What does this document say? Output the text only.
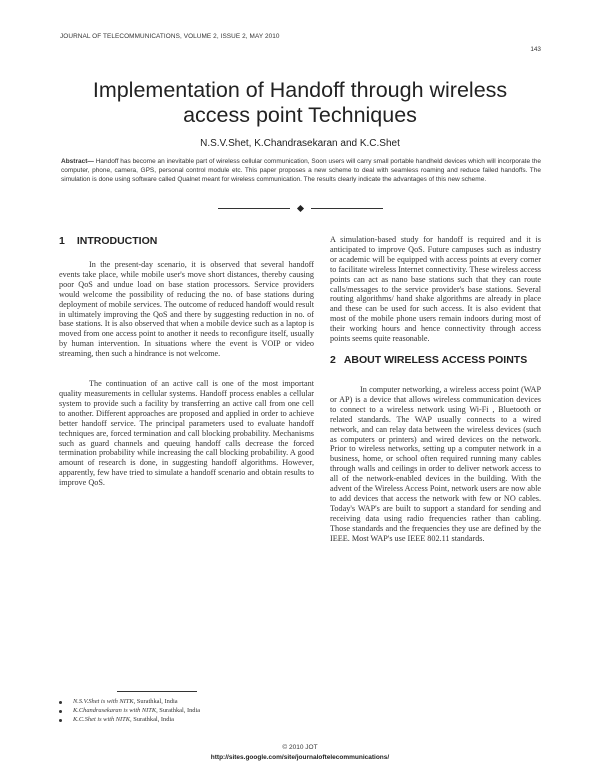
JOURNAL OF TELECOMMUNICATIONS, VOLUME 2, ISSUE 2, MAY 2010
143
Implementation of Handoff through wireless
access point Techniques
N.S.V.Shet, K.Chandrasekaran and K.C.Shet
Abstract— Handoff has become an inevitable part of wireless cellular communication, Soon users will carry small portable handheld devices which will incorporate the computer, phone, camera, GPS, personal control module etc. This paper proposes a new scheme to deal with seamless roaming and reduce failed handoffs. The simulation is done using software called Qualnet meant for wireless communication. The results clearly indicate the advantages of this new scheme.
1 INTRODUCTION

In the present-day scenario, it is observed that several handoff events take place, while mobile user's move short distances, thereby causing poor QoS and undue load on base station processors. Service providers would welcome the possibility of reducing the no. of base stations during deployment of mobile services. The outcome of reduced handoff would result in ultimately improving the QoS and there by suggesting reduction in no. of base stations. It is also observed that when a mobile device such as a laptop is moved from one access point to another it needs to reconfigure itself, usually by human intervention. In situations where the event is VOIP or video streaming, then such a hindrance is not welcome.

The continuation of an active call is one of the most important quality measurements in cellular systems. Handoff process enables a cellular system to provide such a facility by transferring an active call from one cell to another. Different approaches are proposed and applied in order to achieve better handoff service. The principal parameters used to evaluate handoff techniques are, forced termination and call blocking probability. Mechanisms such as guard channels and queuing handoff calls decrease the forced termination probability while increasing the call blocking probability. A good amount of research is done, in suggesting handoff algorithms. However, apparently, few have tried to simulate a handoff scenario and obtain results to improve QoS.

A simulation-based study for handoff is required and it is anticipated to improve QoS. Future campuses such as industry or academic will be equipped with access points at every corner to facilitate wireless Internet connectivity. These wireless access points can act as nano base stations such that they can route calls/messages to the service provider's base stations. Several routing algorithms/ hand shake algorithms are already in place and these can be used for such access. It is also evident that most of the mobile phone users remain indoors during most of their working hours and hence connectivity through access points seems quite reasonable.

2 ABOUT WIRELESS ACCESS POINTS

In computer networking, a wireless access point (WAP or AP) is a device that allows wireless communication devices to connect to a wireless network using Wi-Fi , Bluetooth or related standards. The WAP usually connects to a wired network, and can relay data between the wireless devices (such as computers or printers) and wired devices on the network. Prior to wireless networks, setting up a computer network in a business, home, or school often required running many cables through walls and ceilings in order to deliver network access to all of the network-enabled devices in the building. With the advent of the Wireless Access Point, network users are now able to add devices that access the network with few or NO cables. Today's WAP's are built to support a standard for sending and receiving data using radio frequencies rather than cabling. Those standards and the frequencies they use are defined by the IEEE. Most WAP's use IEEE 802.11 standards.

N.S.V.Shet is with NITK, Surathkal, India
K.Chandrasekaran is with NITK, Surathkal, India
K.C.Shet is with NITK, Surathkal, India
© 2010 JOT
http://sites.google.com/site/journaloftelecommunications/
